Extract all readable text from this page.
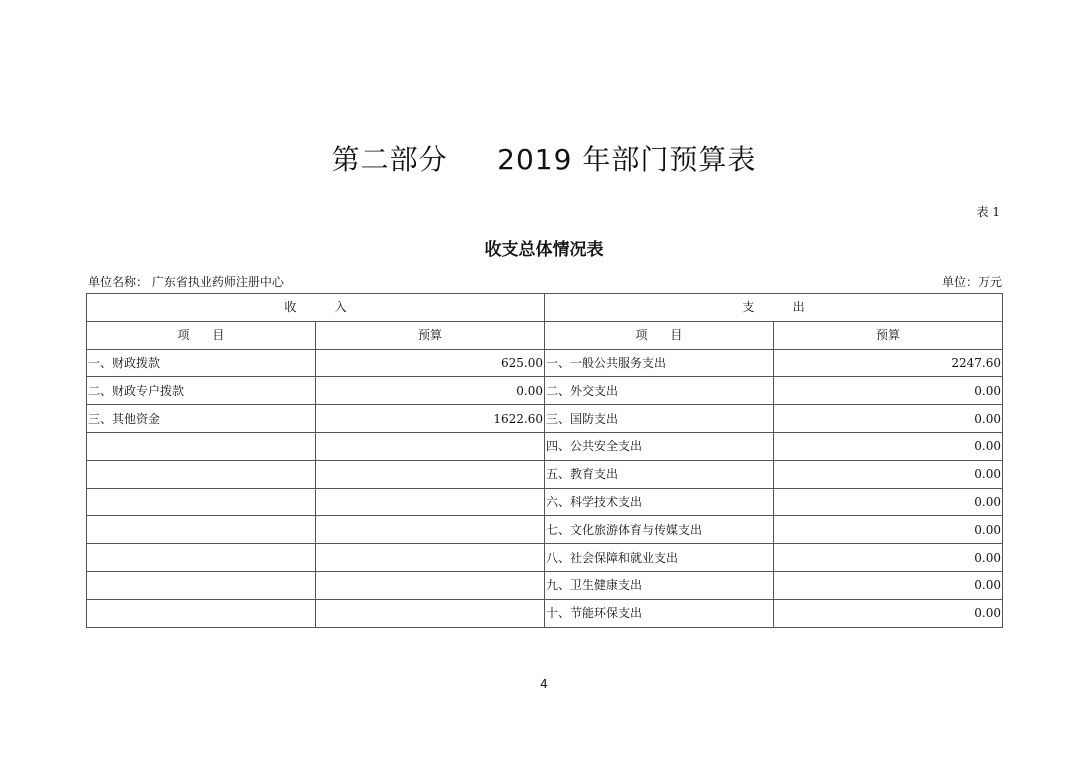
第二部分     2019 年部门预算表
表 1
收支总体情况表
单位名称： 广东省执业药师注册中心	单位：万元
收          入		支          出	
项      目	预算	项      目	预算
一、财政拨款	625.00	一、一般公共服务支出	2247.60
二、财政专户拨款	0.00	二、外交支出	0.00
三、其他资金	1622.60	三、国防支出	0.00
		四、公共安全支出	0.00
		五、教育支出	0.00
		六、科学技术支出	0.00
		七、文化旅游体育与传媒支出	0.00
		八、社会保障和就业支出	0.00
		九、卫生健康支出	0.00
		十、节能环保支出	0.00
4
